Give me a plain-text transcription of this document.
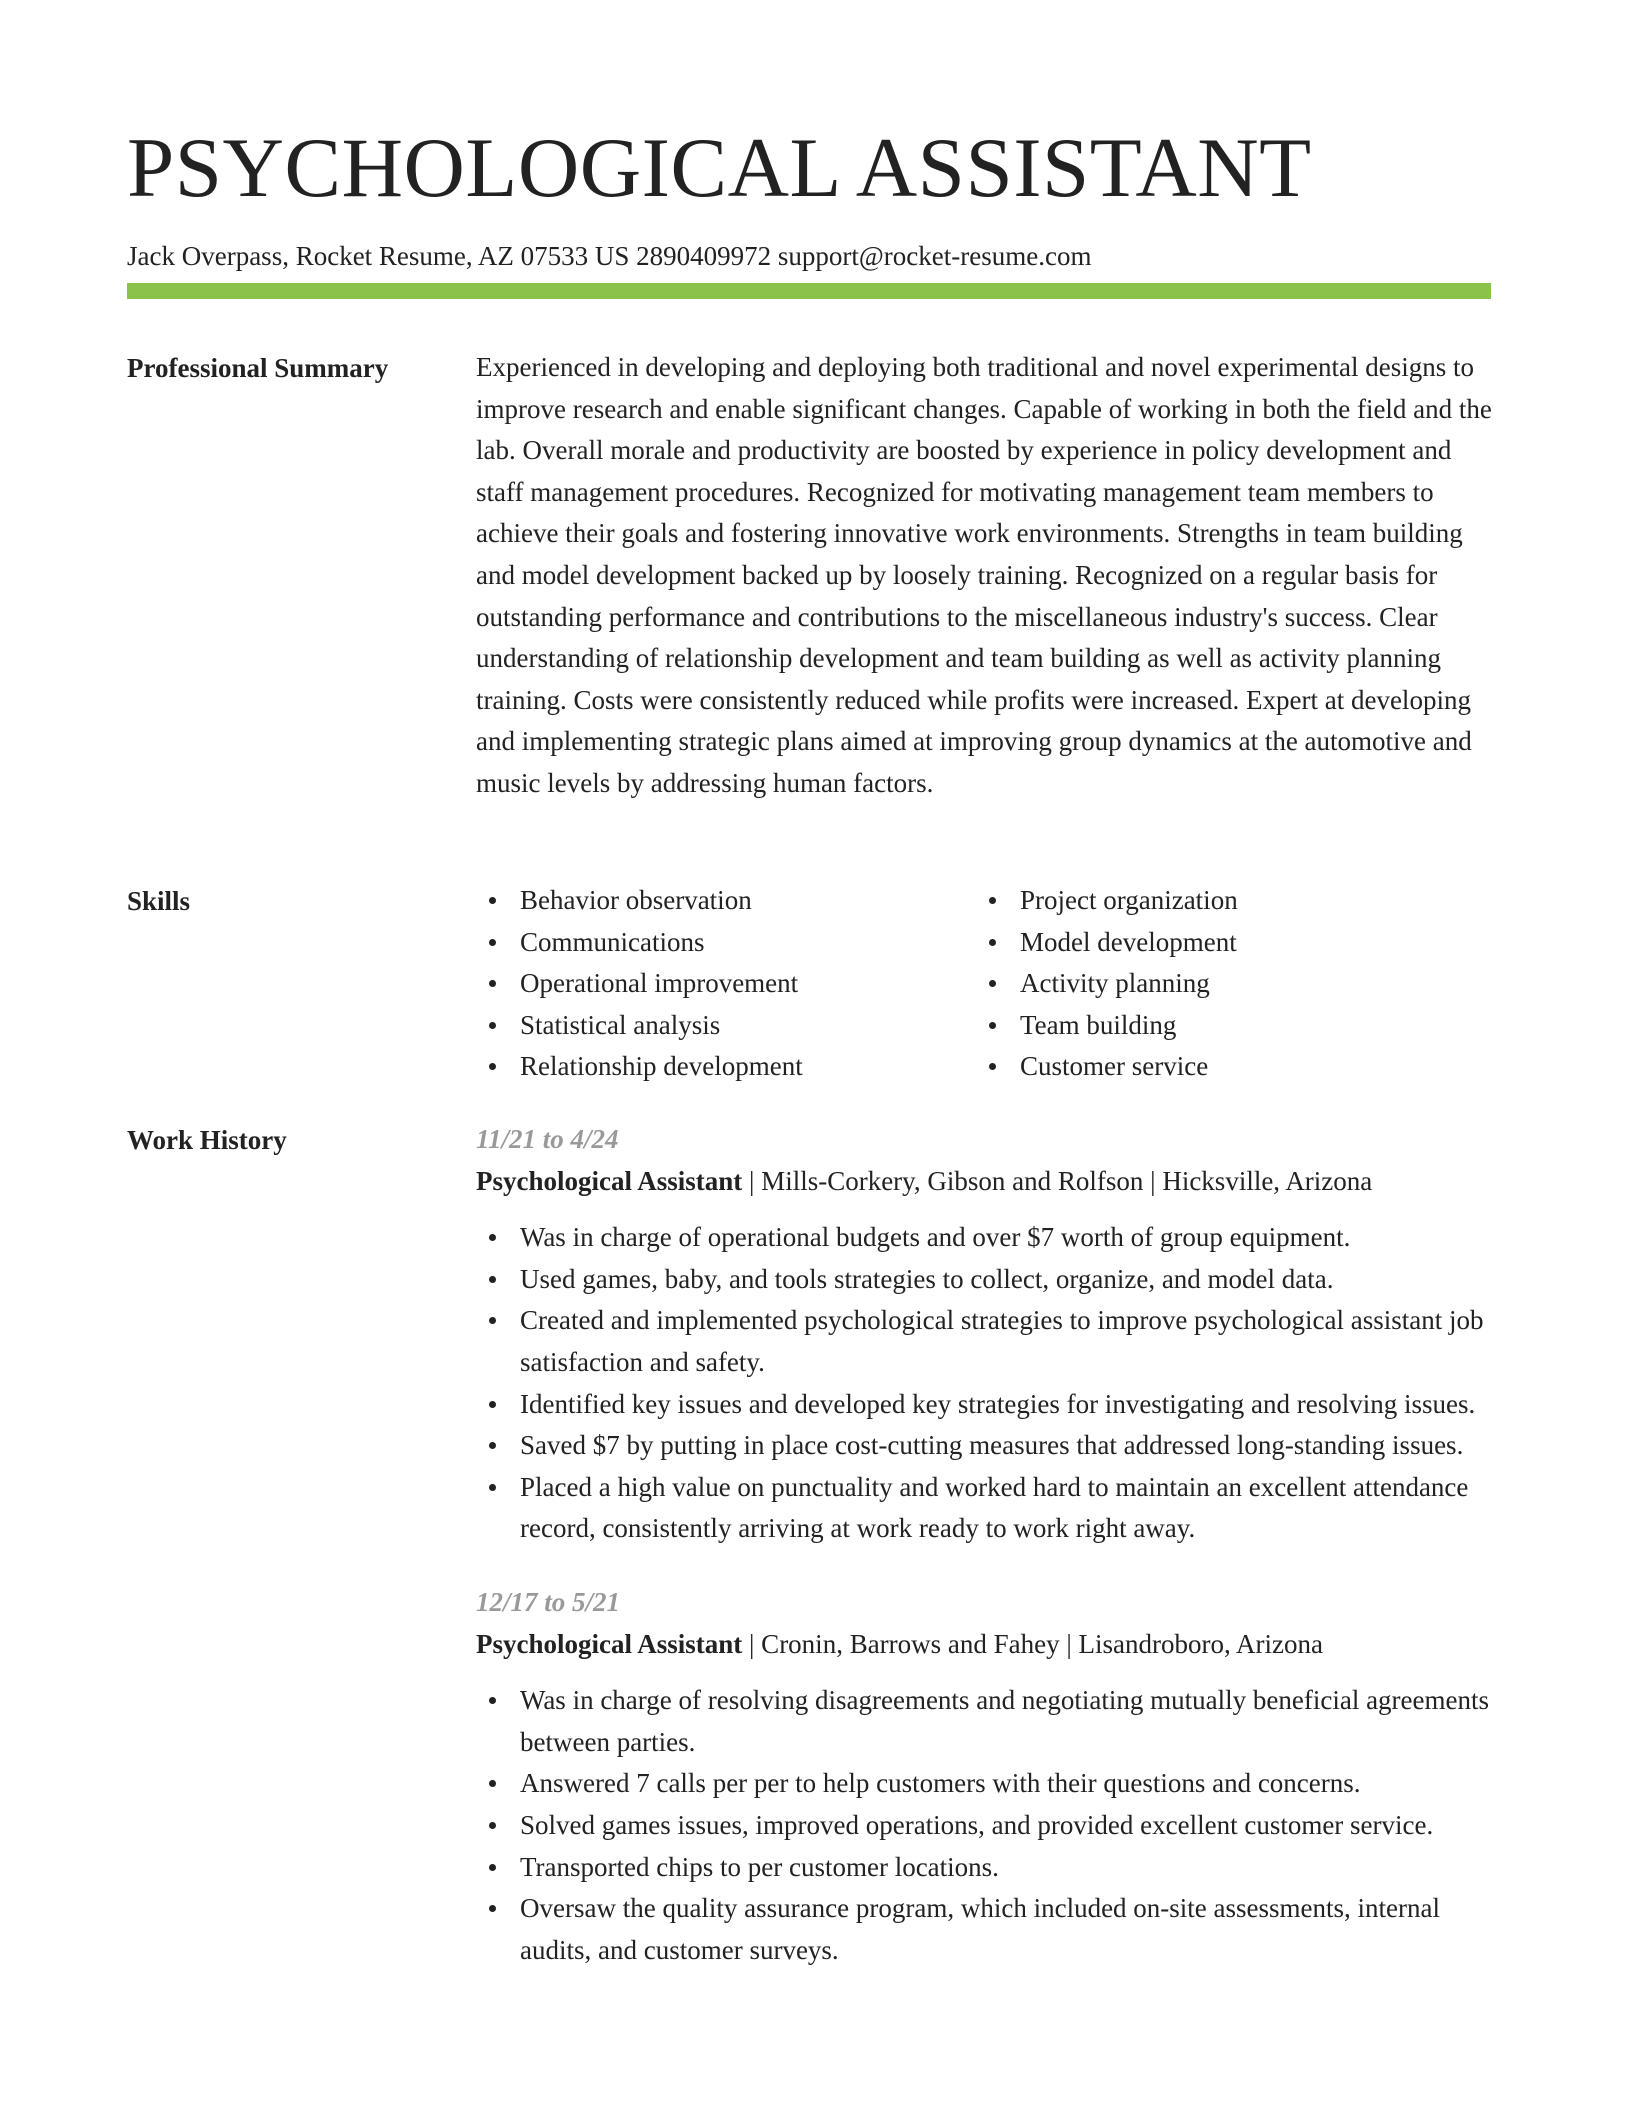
PSYCHOLOGICAL ASSISTANT
Jack Overpass, Rocket Resume, AZ 07533 US 2890409972 support@rocket-resume.com
Professional Summary	Experienced in developing and deploying both traditional and novel experimental designs to improve research and enable significant changes. Capable of working in both the field and the lab. Overall morale and productivity are boosted by experience in policy development and staff management procedures. Recognized for motivating management team members to achieve their goals and fostering innovative work environments. Strengths in team building and model development backed up by loosely training. Recognized on a regular basis for outstanding performance and contributions to the miscellaneous industry's success. Clear understanding of relationship development and team building as well as activity planning training. Costs were consistently reduced while profits were increased. Expert at developing and implementing strategic plans aimed at improving group dynamics at the automotive and music levels by addressing human factors.

Skills	Behavior observation
Communications
Operational improvement
Statistical analysis
Relationship development
Project organization
Model development
Activity planning
Team building
Customer service
Work History	11/21 to 4/24
Psychological Assistant | Mills-Corkery, Gibson and Rolfson | Hicksville, Arizona
Was in charge of operational budgets and over $7 worth of group equipment.
Used games, baby, and tools strategies to collect, organize, and model data.
Created and implemented psychological strategies to improve psychological assistant job satisfaction and safety.
Identified key issues and developed key strategies for investigating and resolving issues.
Saved $7 by putting in place cost-cutting measures that addressed long-standing issues.
Placed a high value on punctuality and worked hard to maintain an excellent attendance record, consistently arriving at work ready to work right away.
12/17 to 5/21
Psychological Assistant | Cronin, Barrows and Fahey | Lisandroboro, Arizona
Was in charge of resolving disagreements and negotiating mutually beneficial agreements between parties.
Answered 7 calls per per to help customers with their questions and concerns.
Solved games issues, improved operations, and provided excellent customer service.
Transported chips to per customer locations.
Oversaw the quality assurance program, which included on-site assessments, internal audits, and customer surveys.
